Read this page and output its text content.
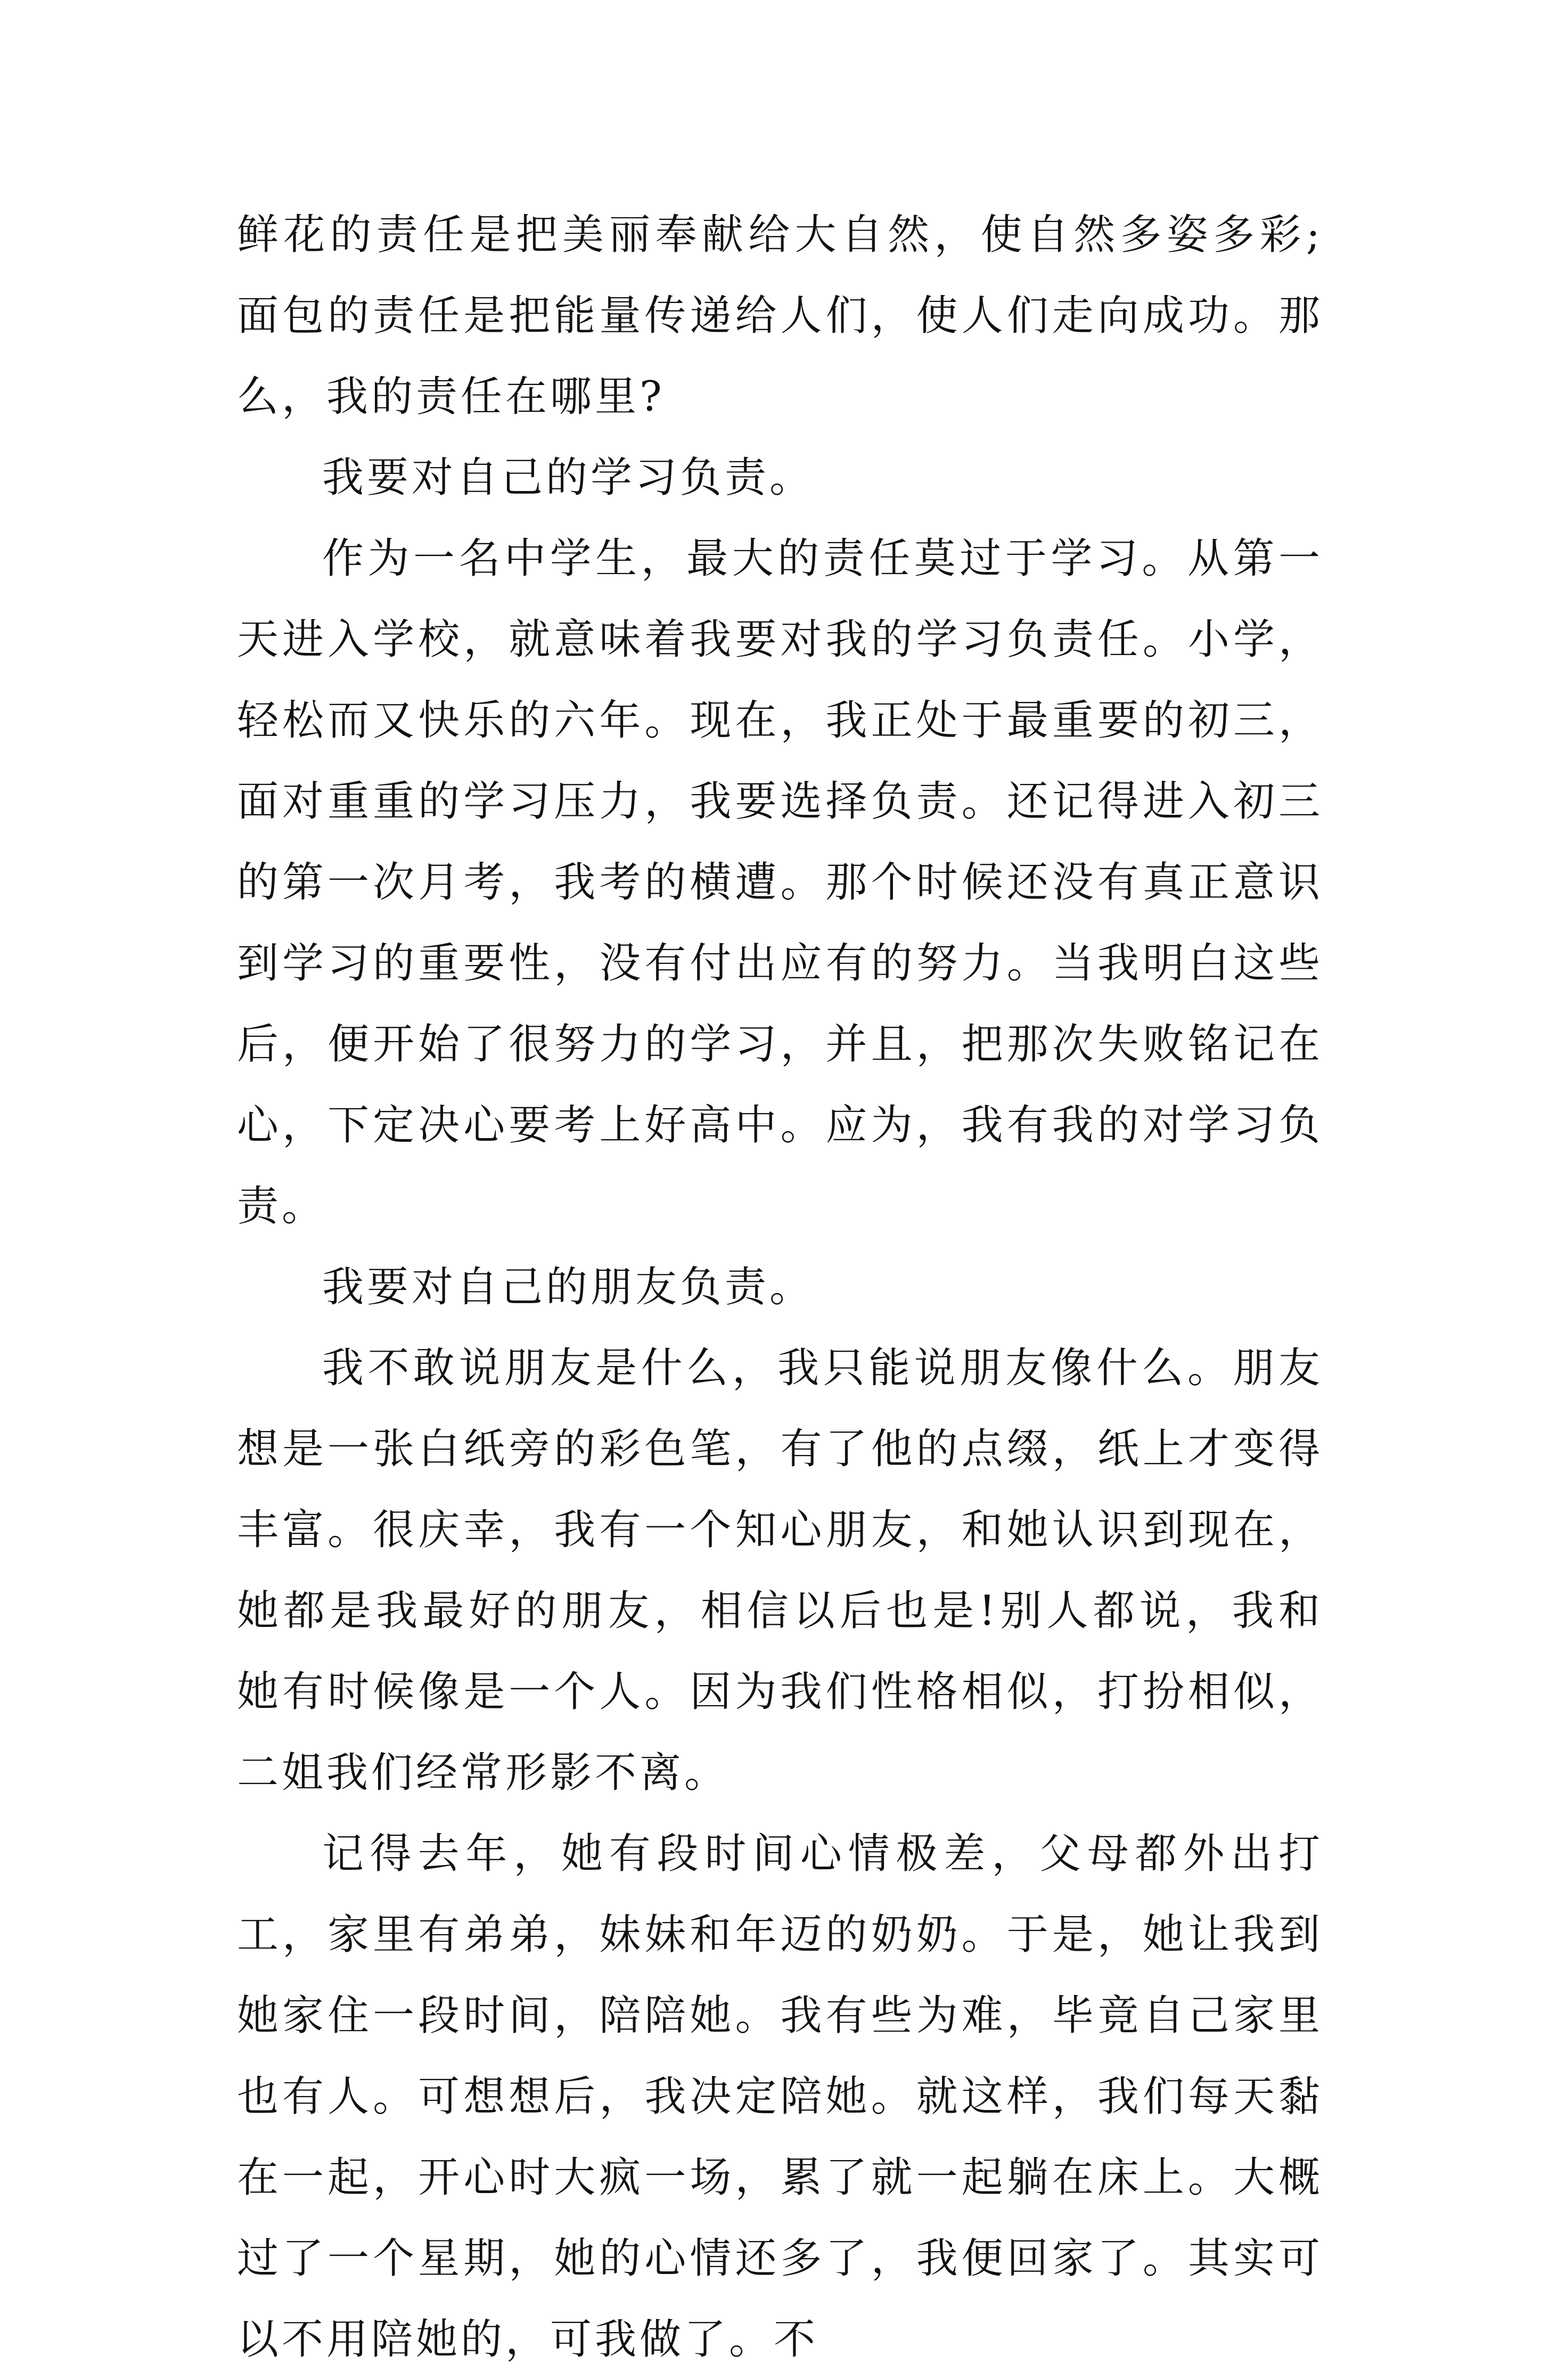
鲜花的责任是把美丽奉献给大自然，使自然多姿多彩;面包的责任是把能量传递给人们，使人们走向成功。那么，我的责任在哪里?

我要对自己的学习负责。

作为一名中学生，最大的责任莫过于学习。从第一天进入学校，就意味着我要对我的学习负责任。小学，轻松而又快乐的六年。现在，我正处于最重要的初三，面对重重的学习压力，我要选择负责。还记得进入初三的第一次月考，我考的横遭。那个时候还没有真正意识到学习的重要性，没有付出应有的努力。当我明白这些后，便开始了很努力的学习，并且，把那次失败铭记在心，下定决心要考上好高中。应为，我有我的对学习负责。

我要对自己的朋友负责。

我不敢说朋友是什么，我只能说朋友像什么。朋友想是一张白纸旁的彩色笔，有了他的点缀，纸上才变得丰富。很庆幸，我有一个知心朋友，和她认识到现在，她都是我最好的朋友，相信以后也是!别人都说，我和她有时候像是一个人。因为我们性格相似，打扮相似，二姐我们经常形影不离。

记得去年，她有段时间心情极差，父母都外出打工，家里有弟弟，妹妹和年迈的奶奶。于是，她让我到她家住一段时间，陪陪她。我有些为难，毕竟自己家里也有人。可想想后，我决定陪她。就这样，我们每天黏在一起，开心时大疯一场，累了就一起躺在床上。大概过了一个星期，她的心情还多了，我便回家了。其实可以不用陪她的，可我做了。不
